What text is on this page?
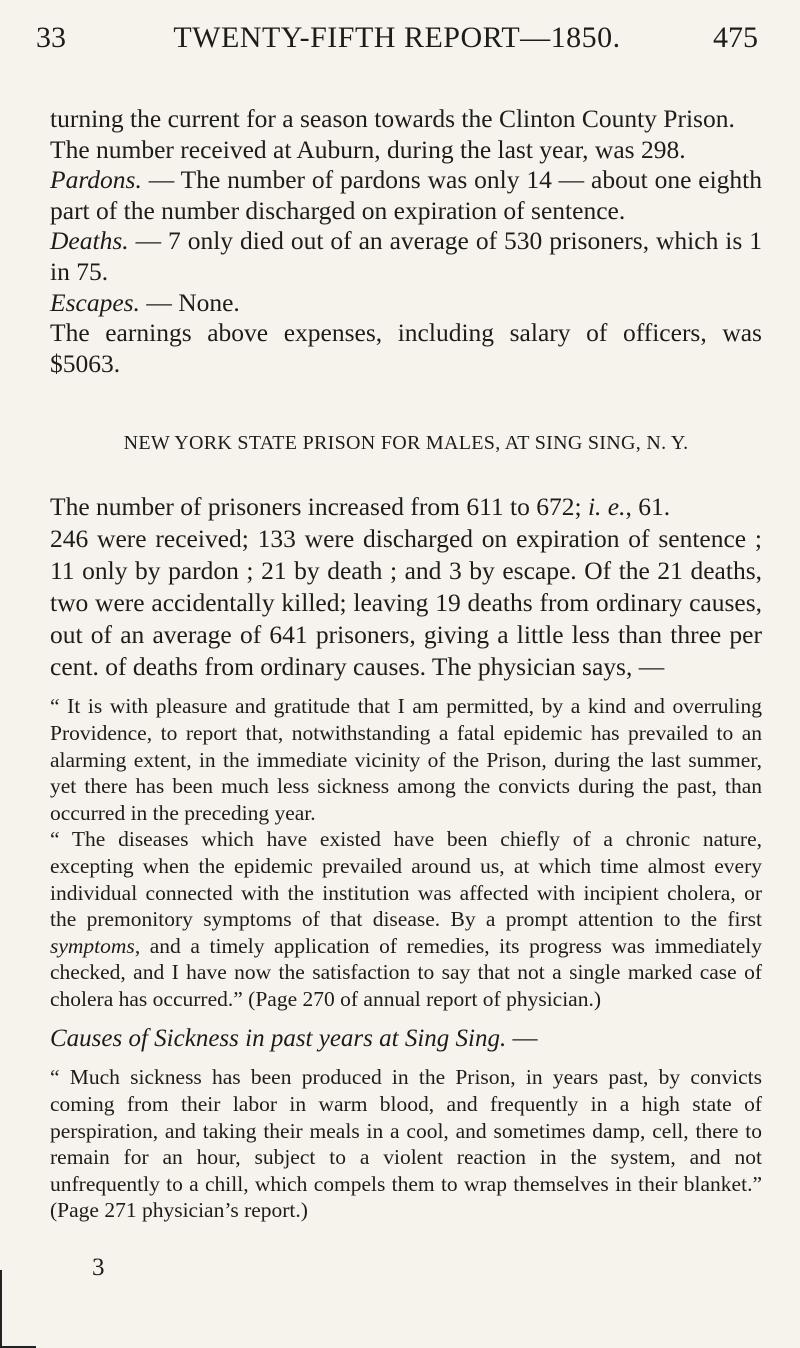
33	TWENTY-FIFTH REPORT—1850.	475

turning the current for a season towards the Clinton County Prison.

The number received at Auburn, during the last year, was 298.

Pardons. — The number of pardons was only 14 — about one eighth part of the number discharged on expiration of sentence.

Deaths. — 7 only died out of an average of 530 prisoners, which is 1 in 75.

Escapes. — None.

The earnings above expenses, including salary of officers, was $5063.

NEW YORK STATE PRISON FOR MALES, AT SING SING, N. Y.

The number of prisoners increased from 611 to 672; i. e., 61.

246 were received; 133 were discharged on expiration of sentence ; 11 only by pardon ; 21 by death ; and 3 by escape. Of the 21 deaths, two were accidentally killed; leaving 19 deaths from ordinary causes, out of an average of 641 prisoners, giving a little less than three per cent. of deaths from ordinary causes. The physician says, —

“ It is with pleasure and gratitude that I am permitted, by a kind and overruling Providence, to report that, notwithstanding a fatal epidemic has prevailed to an alarming extent, in the immediate vicinity of the Prison, during the last summer, yet there has been much less sickness among the convicts during the past, than occurred in the preceding year.

“ The diseases which have existed have been chiefly of a chronic nature, excepting when the epidemic prevailed around us, at which time almost every individual connected with the institution was affected with incipient cholera, or the premonitory symptoms of that disease. By a prompt attention to the first symptoms, and a timely application of remedies, its progress was immediately checked, and I have now the satisfaction to say that not a single marked case of cholera has occurred.” (Page 270 of annual report of physician.)

Causes of Sickness in past years at Sing Sing. —

“ Much sickness has been produced in the Prison, in years past, by convicts coming from their labor in warm blood, and frequently in a high state of perspiration, and taking their meals in a cool, and sometimes damp, cell, there to remain for an hour, subject to a violent reaction in the system, and not unfrequently to a chill, which compels them to wrap themselves in their blanket.” (Page 271 physician’s report.)

3
